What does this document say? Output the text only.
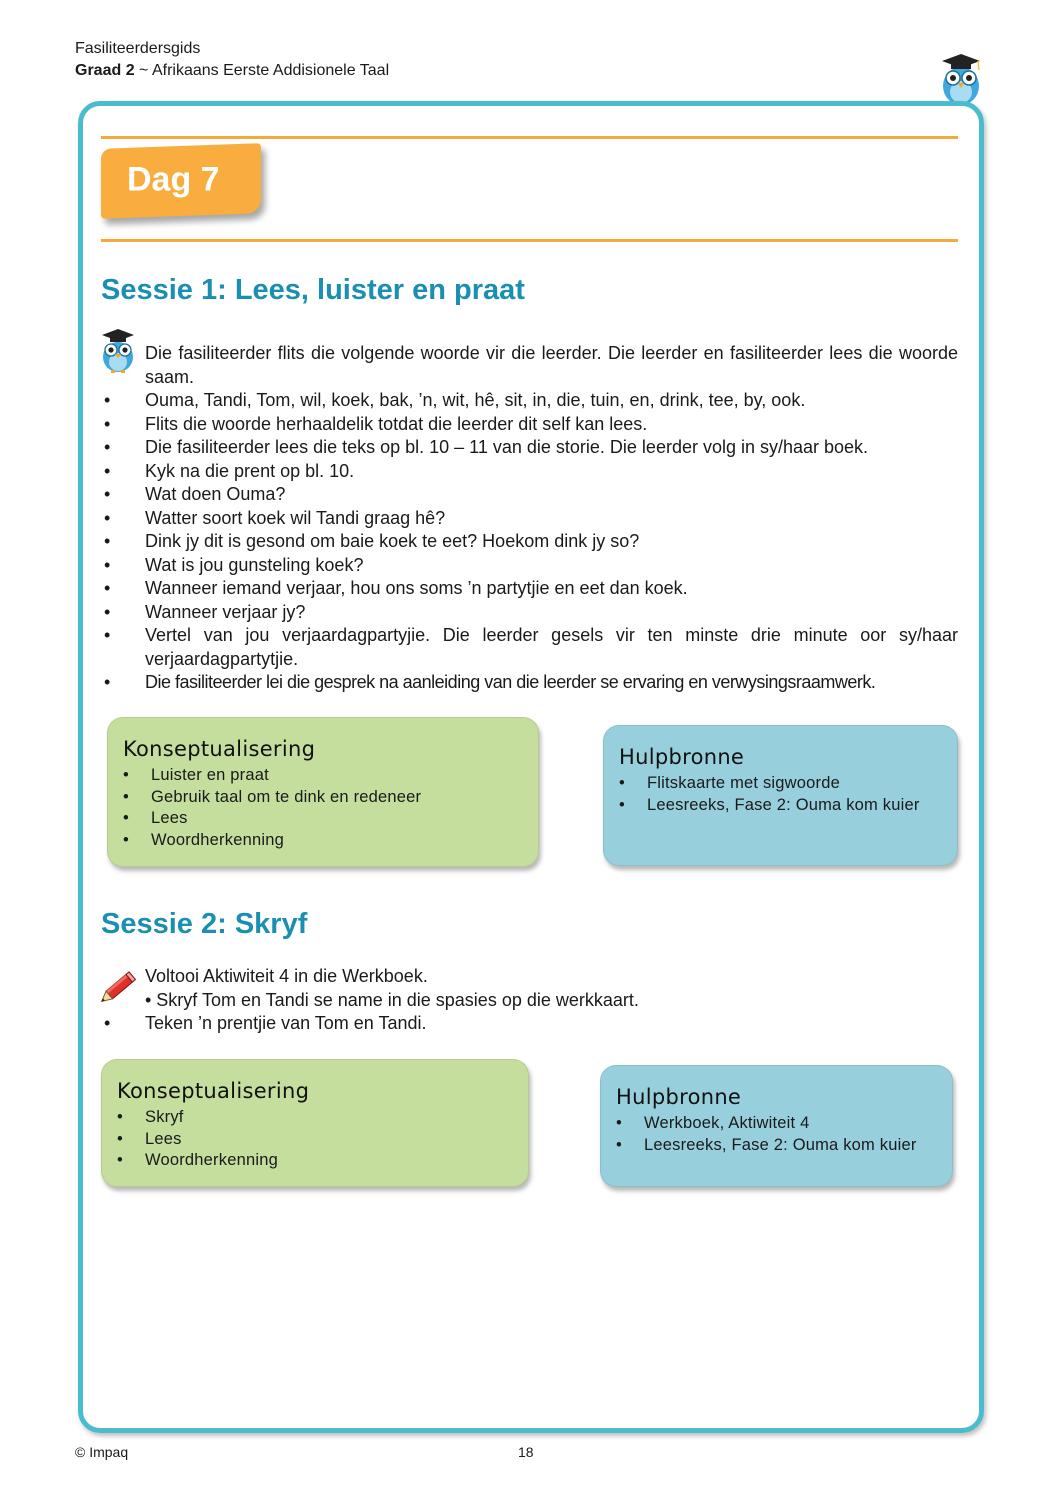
Fasiliteerdersgids
Graad 2 ~ Afrikaans Eerste Addisionele Taal
Dag 7
Sessie 1: Lees, luister en praat
Die fasiliteerder flits die volgende woorde vir die leerder. Die leerder en fasiliteerder lees die woorde saam.
•	Ouma, Tandi, Tom, wil, koek, bak, ’n, wit, hê, sit, in, die, tuin, en, drink, tee, by, ook.
•	Flits die woorde herhaaldelik totdat die leerder dit self kan lees.
•	Die fasiliteerder lees die teks op bl. 10 – 11 van die storie. Die leerder volg in sy/haar boek.
•	Kyk na die prent op bl. 10.
•	Wat doen Ouma?
•	Watter soort koek wil Tandi graag hê?
•	Dink jy dit is gesond om baie koek te eet? Hoekom dink jy so?
•	Wat is jou gunsteling koek?
•	Wanneer iemand verjaar, hou ons soms ’n partytjie en eet dan koek.
•	Wanneer verjaar jy?
•	Vertel van jou verjaardagpartyjie. Die leerder gesels vir ten minste drie minute oor sy/haar verjaardagpartytjie.
•	Die fasiliteerder lei die gesprek na aanleiding van die leerder se ervaring en verwysingsraamwerk.
Konseptualisering
•	Luister en praat
•	Gebruik taal om te dink en redeneer
•	Lees
•	Woordherkenning
Hulpbronne
•	Flitskaarte met sigwoorde
•	Leesreeks, Fase 2: Ouma kom kuier
Sessie 2: Skryf
Voltooi Aktiwiteit 4 in die Werkboek.
• Skryf Tom en Tandi se name in die spasies op die werkkaart.
•	Teken ’n prentjie van Tom en Tandi.
Konseptualisering
•	Skryf
•	Lees
•	Woordherkenning
Hulpbronne
•	Werkboek, Aktiwiteit 4
•	Leesreeks, Fase 2: Ouma kom kuier
© Impaq	18
